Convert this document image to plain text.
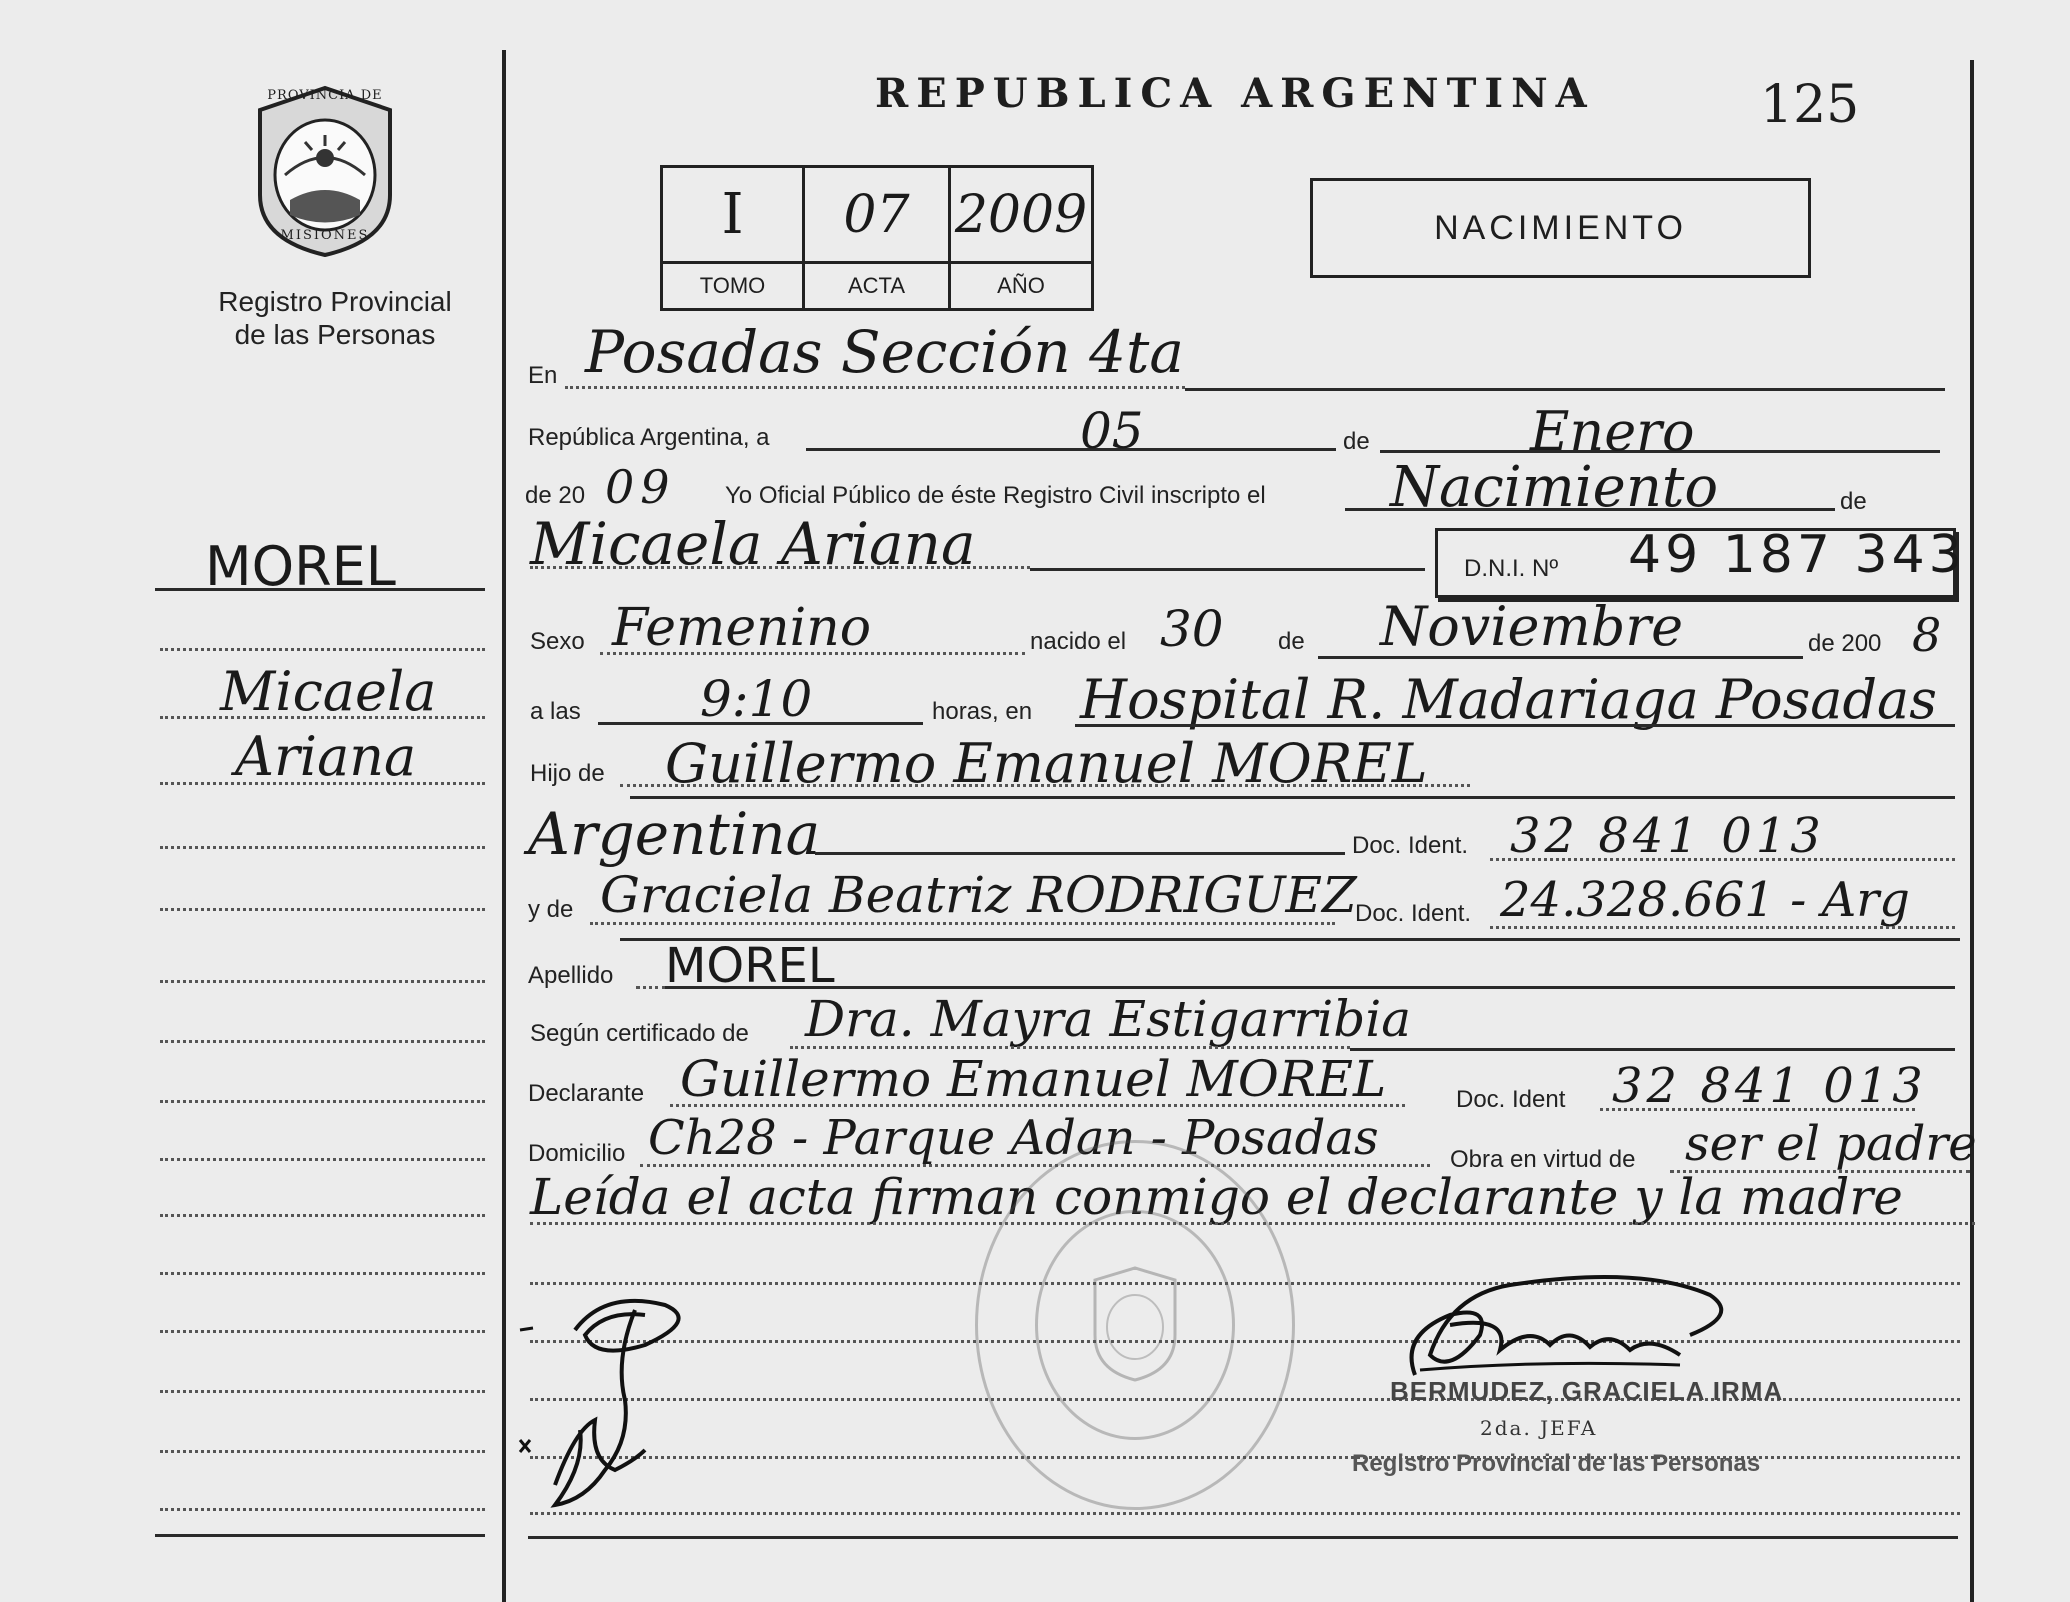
PROVINCIA DE
MISIONES
Registro Provincial
de las Personas
MOREL
Micaela
Ariana
REPUBLICA ARGENTINA	125
I	07 2009
TOMO	ACTA	AÑO
NACIMIENTO
En Posadas Sección 4ta
República Argentina, a	05	de	Enero
de 20 09 Yo Oficial Público de éste Registro Civil inscripto el Nacimiento	de
Micaela Ariana	D.N.I. Nº 49 187 343
Sexo Femenino	nacido el 30 de Noviembre	de 200 8
a las 9:10	horas, en Hospital R. Madariaga Posadas
Hijo de Guillermo Emanuel MOREL
Argentina	Doc. Ident. 32 841 013
y de Graciela Beatriz RODRIGUEZ
Doc. Ident. 24.328.661 - Arg
Apellido MOREL
Según certificado de Dra. Mayra Estigarribia
Declarante Guillermo Emanuel MOREL	Doc. Ident 32 841 013
Domicilio Ch28 - Parque Adan - Posadas	Obra en virtud de ser el padre
Leída el acta firman conmigo el declarante y la madre
BERMUDEZ, GRACIELA IRMA
2da. JEFA
Registro Provincial de las Personas
